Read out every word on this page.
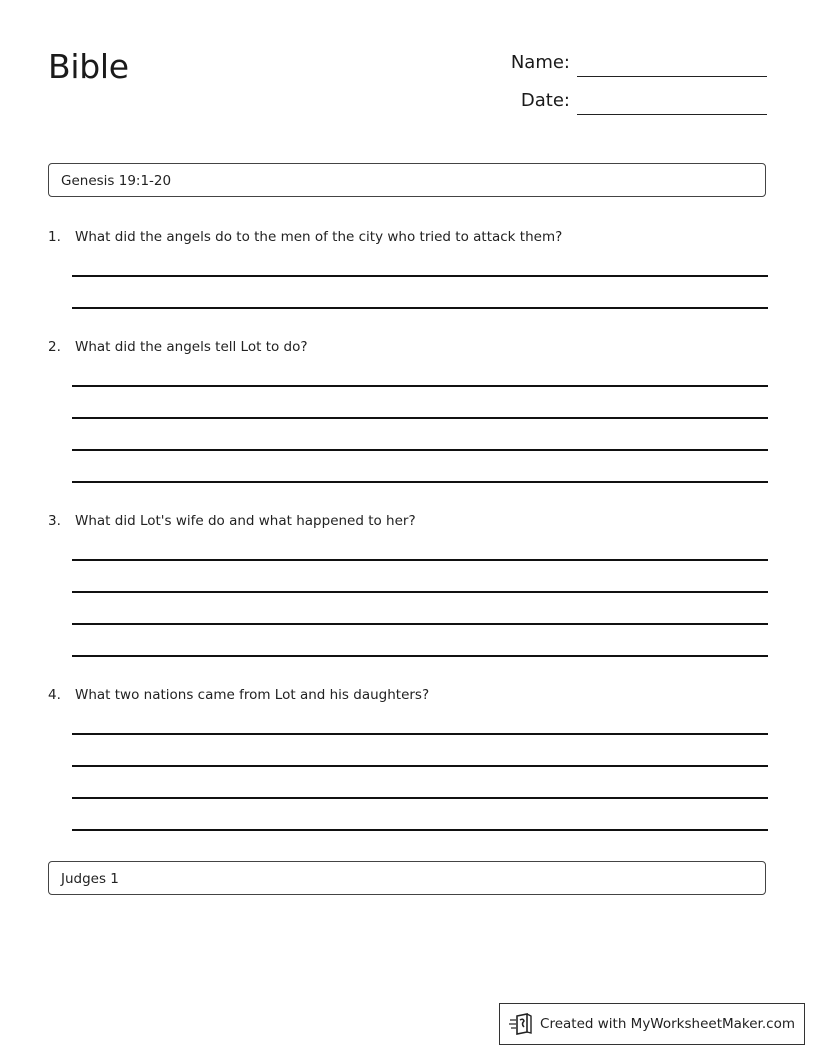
Bible	Name:
Date:
Genesis 19:1-20
1. What did the angels do to the men of the city who tried to attack them?
2. What did the angels tell Lot to do?
3. What did Lot's wife do and what happened to her?
4. What two nations came from Lot and his daughters?
Judges 1
Created with MyWorksheetMaker.com
